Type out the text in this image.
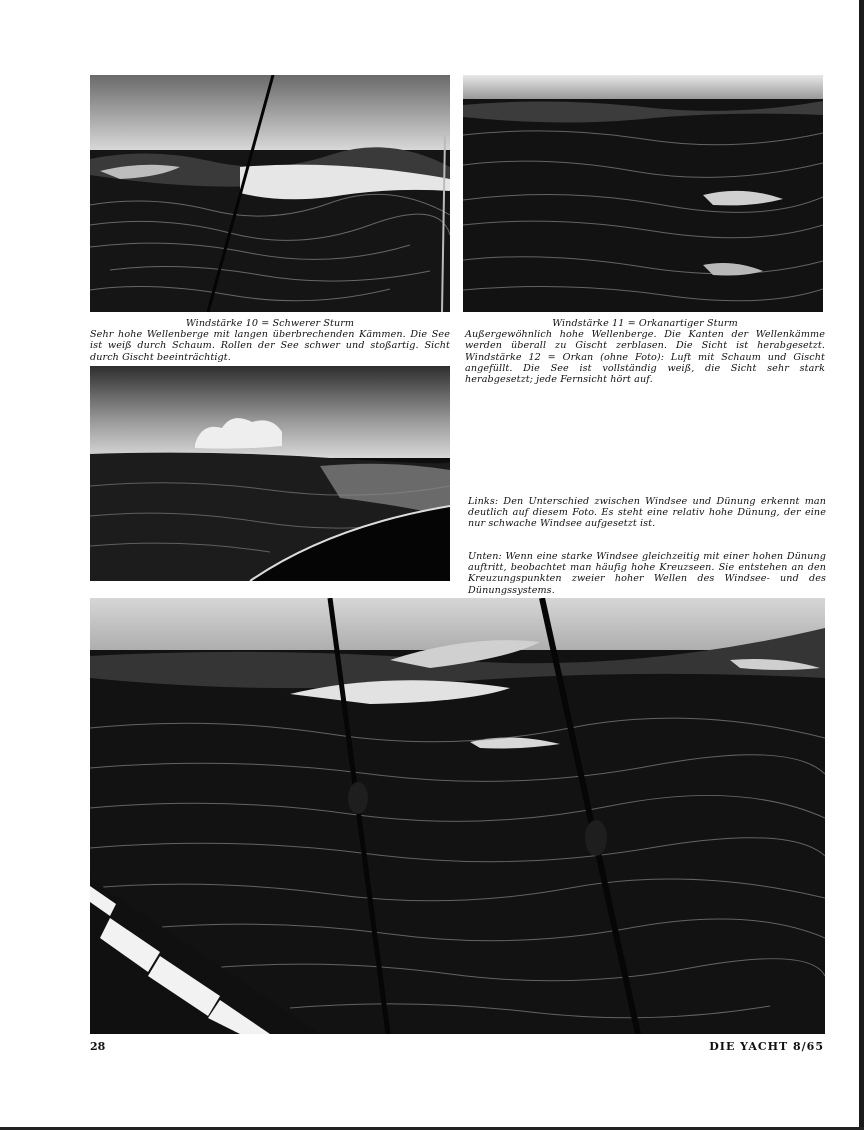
Windstärke 10 = Schwerer Sturm
Sehr hohe Wellenberge mit langen überbrechenden Kämmen. Die See ist weiß durch Schaum. Rollen der See schwer und stoßartig. Sicht durch Gischt beeinträchtigt.
Windstärke 11 = Orkanartiger Sturm
Außergewöhnlich hohe Wellenberge. Die Kanten der Wellenkämme werden überall zu Gischt zerblasen. Die Sicht ist herabgesetzt. Windstärke 12 = Orkan (ohne Foto): Luft mit Schaum und Gischt angefüllt. Die See ist vollständig weiß, die Sicht sehr stark herabgesetzt; jede Fernsicht hört auf.
Links: Den Unterschied zwischen Windsee und Dünung erkennt man deutlich auf diesem Foto. Es steht eine relativ hohe Dünung, der eine nur schwache Windsee aufgesetzt ist.
Unten: Wenn eine starke Windsee gleichzeitig mit einer hohen Dünung auftritt, beobachtet man häufig hohe Kreuzseen. Sie entstehen an den Kreuzungspunkten zweier hoher Wellen des Windsee- und des Dünungssystems.
28	DIE YACHT 8/65
